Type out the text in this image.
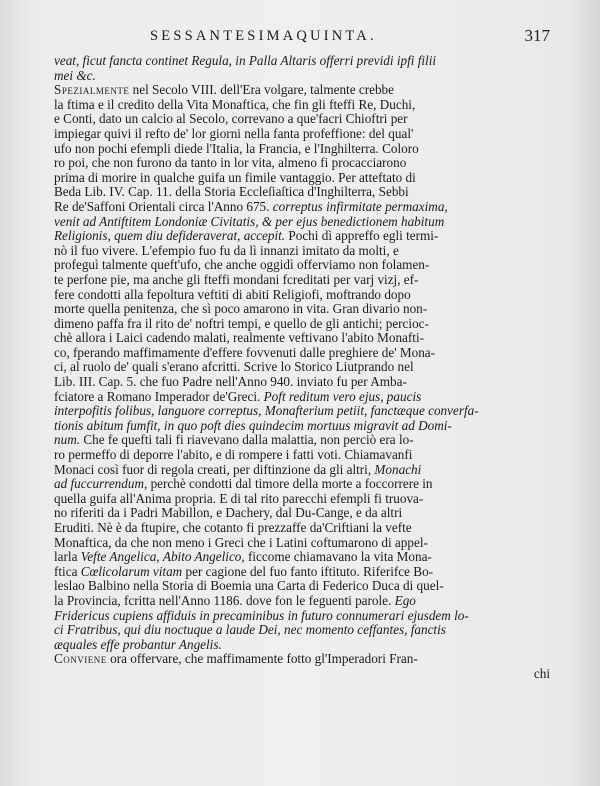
SESSANTESIMAQUINTA.	317
veat, ficut fancta continet Regula, in Palla Altaris offerri previdi ipfi filii
mei &c.
Spezialmente nel Secolo VIII. dell'Era volgare, talmente crebbe
la ftima e il credito della Vita Monaftica, che fin gli fteffi Re, Duchi,
e Conti, dato un calcio al Secolo, correvano a que'facri Chioftri per
impiegar quivi il refto de' lor giorni nella fanta profeffione: del qual'
ufo non pochi efempli diede l'Italia, la Francia, e l'Inghilterra. Coloro
ro poi, che non furono da tanto in lor vita, almeno fi procacciarono
prima di morire in qualche guifa un fimile vantaggio. Per atteftato di
Beda Lib. IV. Cap. 11. della Storia Eccleſiaſtica d'Inghilterra, Sebbi
Re de'Saffoni Orientali circa l'Anno 675. correptus infirmitate permaxima,
venit ad Antiftitem Londoniæ Civitatis, & per ejus benedictionem habitum
Religionis, quem diu defideraverat, accepit. Pochi dì appreffo egli termi-
nò il fuo vivere. L'efempio fuo fu da lì innanzi imitato da molti, e
profeguì talmente queft'ufo, che anche oggidì offerviamo non folamen-
te perfone pie, ma anche gli fteffi mondani fcreditati per varj vizj, ef-
fere condotti alla fepoltura veftiti di abiti Religiofi, moftrando dopo
morte quella penitenza, che sì poco amarono in vita. Gran divario non-
dimeno paffa fra il rito de' noftri tempi, e quello de gli antichi; percioc-
chè allora i Laici cadendo malati, realmente veftivano l'abito Monafti-
co, fperando maffimamente d'effere fovvenuti dalle preghiere de' Mona-
ci, al ruolo de' quali s'erano afcritti. Scrive lo Storico Liutprando nel
Lib. III. Cap. 5. che fuo Padre nell'Anno 940. inviato fu per Amba-
fciatore a Romano Imperador de'Greci. Poft reditum vero ejus, paucis
interpofitis folibus, languore correptus, Monafterium petiit, fanctæque converfa-
tionis abitum fumfit, in quo poft dies quindecim mortuus migravit ad Domi-
num. Che fe quefti tali fi riavevano dalla malattia, non perciò era lo-
ro permeffo di deporre l'abito, e di rompere i fatti voti. Chiamavanfi
Monaci così fuor di regola creati, per diftinzione da gli altri, Monachi
ad fuccurrendum, perchè condotti dal timore della morte a foccorrere in
quella guifa all'Anima propria. E di tal rito parecchi efempli fi truova-
no riferiti da i Padri Mabillon, e Dachery, dal Du-Cange, e da altri
Eruditi. Nè è da ftupire, che cotanto fi prezzaffe da'Criftiani la vefte
Monaftica, da che non meno i Greci che i Latini coftumarono di appel-
larla Vefte Angelica, Abito Angelico, ficcome chiamavano la vita Mona-
ftica Cœlicolarum vitam per cagione del fuo fanto iftituto. Riferifce Bo-
leslao Balbino nella Storia di Boemia una Carta di Federico Duca di quel-
la Provincia, fcritta nell'Anno 1186. dove fon le feguenti parole. Ego
Fridericus cupiens affiduis in precaminibus in futuro connumerari ejusdem lo-
ci Fratribus, qui diu noctuque a laude Dei, nec momento ceffantes, fanctis
æquales effe probantur Angelis.
Conviene ora offervare, che maffimamente fotto gl'Imperadori Fran-
chi
